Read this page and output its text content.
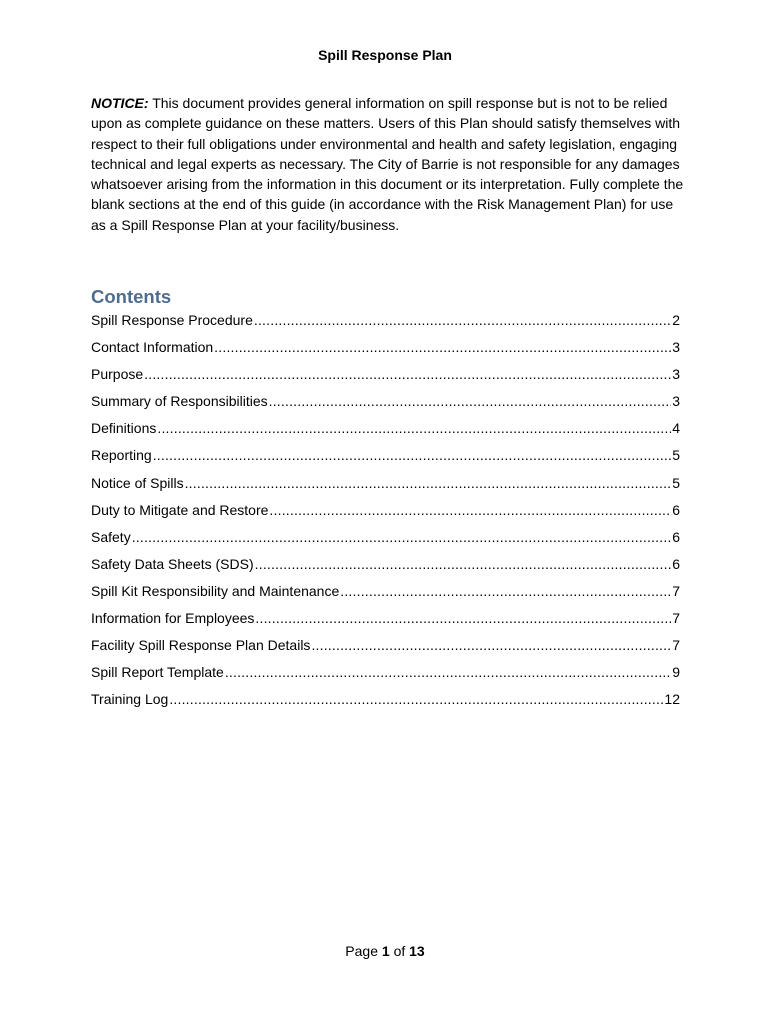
Spill Response Plan
NOTICE: This document provides general information on spill response but is not to be relied upon as complete guidance on these matters. Users of this Plan should satisfy themselves with respect to their full obligations under environmental and health and safety legislation, engaging technical and legal experts as necessary. The City of Barrie is not responsible for any damages whatsoever arising from the information in this document or its interpretation. Fully complete the blank sections at the end of this guide (in accordance with the Risk Management Plan) for use as a Spill Response Plan at your facility/business.
Contents
Spill Response Procedure .....	2
Contact Information .....	3
Purpose .....	3
Summary of Responsibilities .....	3
Definitions .....	4
Reporting .....	5
Notice of Spills .....	5
Duty to Mitigate and Restore .....	6
Safety .....	6
Safety Data Sheets (SDS) .....	6
Spill Kit Responsibility and Maintenance .....	7
Information for Employees .....	7
Facility Spill Response Plan Details .....	7
Spill Report Template .....	9
Training Log .....	12
Page 1 of 13
